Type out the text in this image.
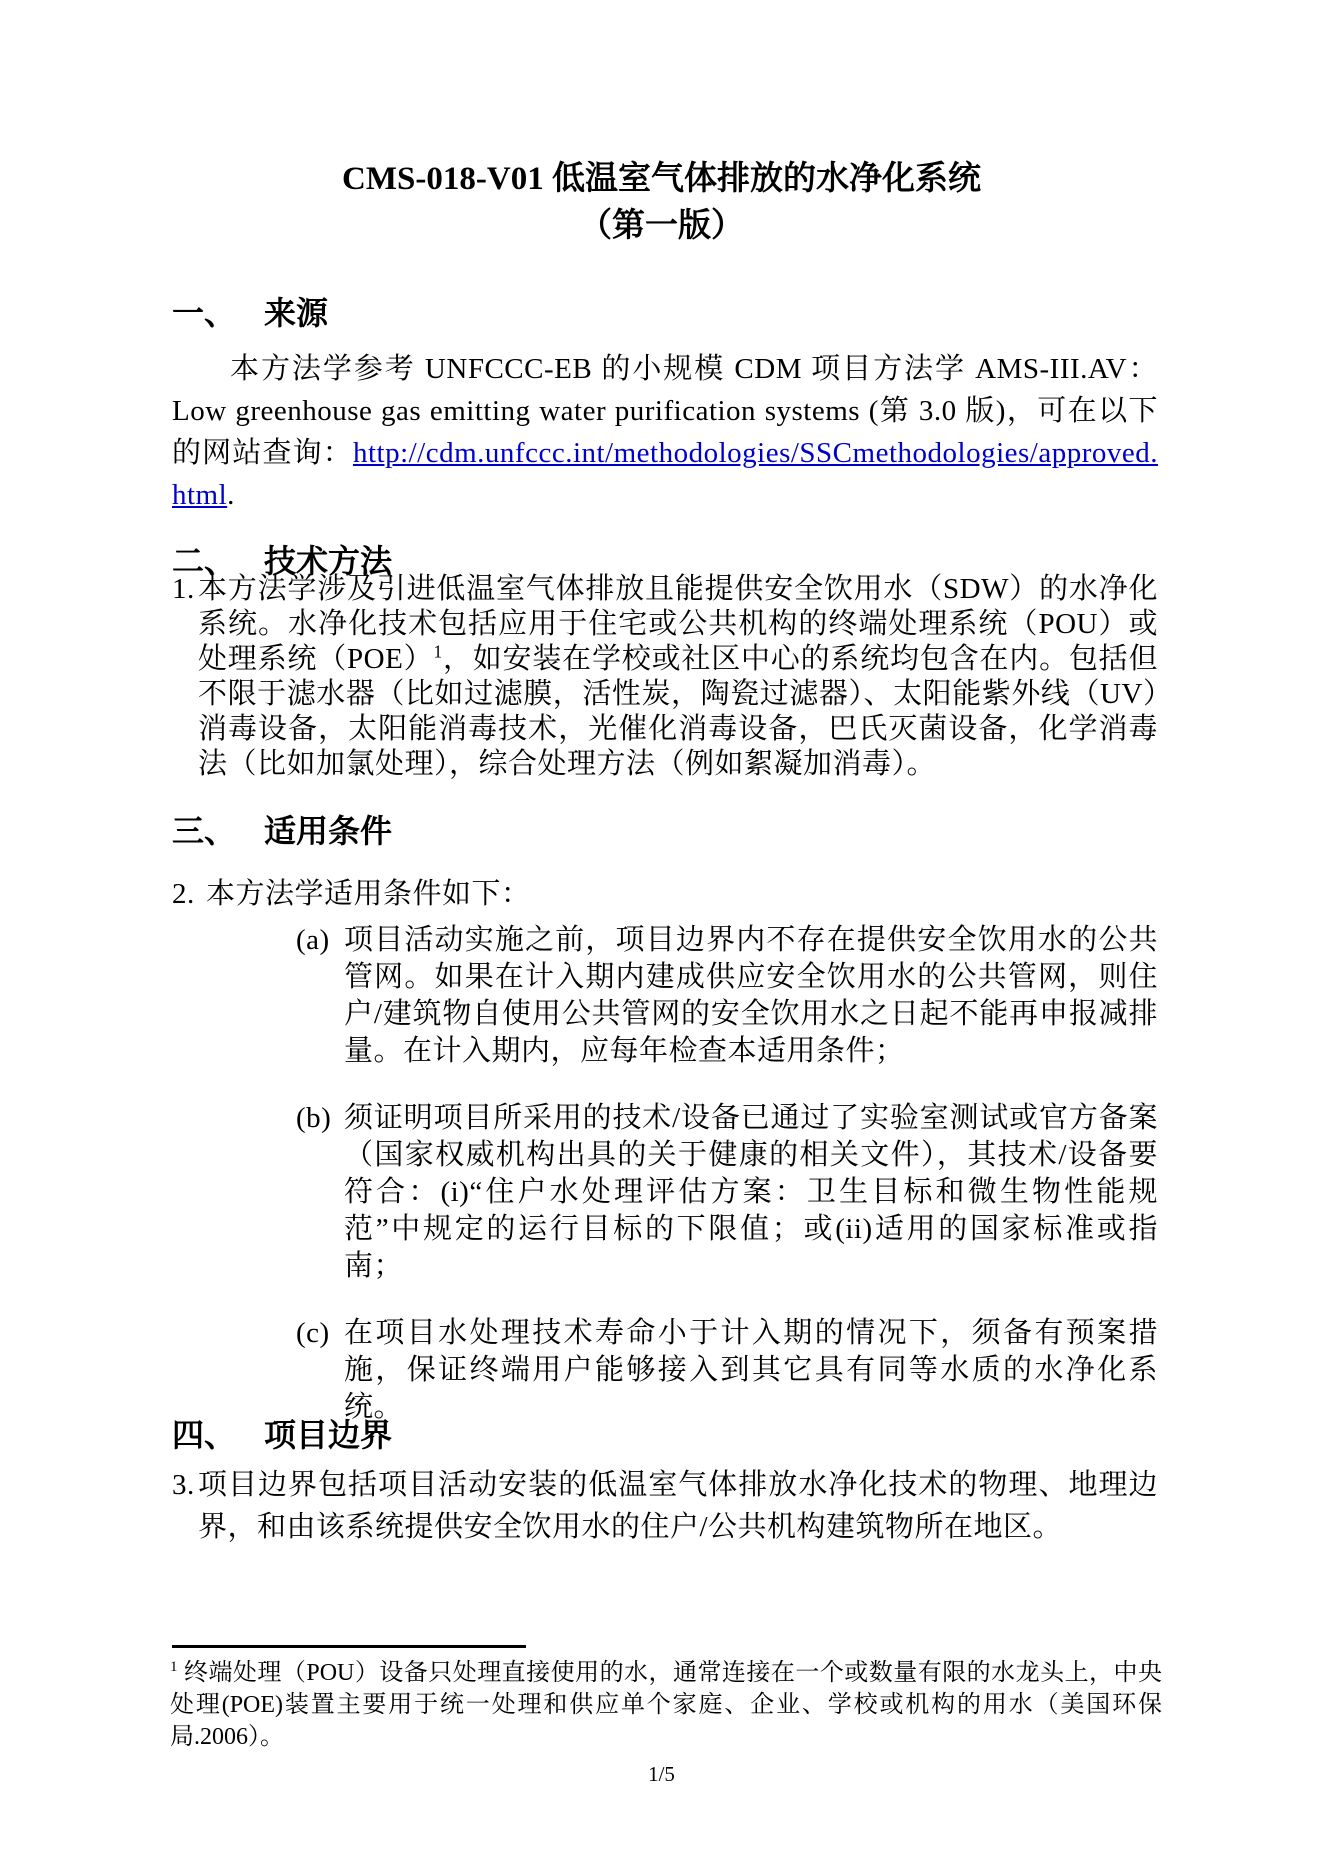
CMS-018-V01 低温室气体排放的水净化系统
（第一版）
一、 来源
本方法学参考 UNFCCC-EB 的小规模 CDM 项目方法学 AMS-III.AV：Low greenhouse gas emitting water purification systems (第 3.0 版)，可在以下的网站查询：http://cdm.unfccc.int/methodologies/SSCmethodologies/approved.html.
二、 技术方法
1. 本方法学涉及引进低温室气体排放且能提供安全饮用水（SDW）的水净化系统。水净化技术包括应用于住宅或公共机构的终端处理系统（POU）或处理系统（POE）$^1$，如安装在学校或社区中心的系统均包含在内。包括但不限于滤水器（比如过滤膜，活性炭，陶瓷过滤器）、太阳能紫外线（UV）消毒设备，太阳能消毒技术，光催化消毒设备，巴氏灭菌设备，化学消毒法（比如加氯处理），综合处理方法（例如絮凝加消毒）。
三、 适用条件
2. 本方法学适用条件如下：
(a) 项目活动实施之前，项目边界内不存在提供安全饮用水的公共管网。如果在计入期内建成供应安全饮用水的公共管网，则住户/建筑物自使用公共管网的安全饮用水之日起不能再申报减排量。在计入期内，应每年检查本适用条件；
(b) 须证明项目所采用的技术/设备已通过了实验室测试或官方备案（国家权威机构出具的关于健康的相关文件），其技术/设备要符合：(i)“住户水处理评估方案：卫生目标和微生物性能规范”中规定的运行目标的下限值；或(ii)适用的国家标准或指南；
(c) 在项目水处理技术寿命小于计入期的情况下，须备有预案措施，保证终端用户能够接入到其它具有同等水质的水净化系统。
四、 项目边界
3. 项目边界包括项目活动安装的低温室气体排放水净化技术的物理、地理边界，和由该系统提供安全饮用水的住户/公共机构建筑物所在地区。
$^1$ 终端处理（POU）设备只处理直接使用的水，通常连接在一个或数量有限的水龙头上，中央处理(POE)装置主要用于统一处理和供应单个家庭、企业、学校或机构的用水（美国环保局.2006）。
1/5
